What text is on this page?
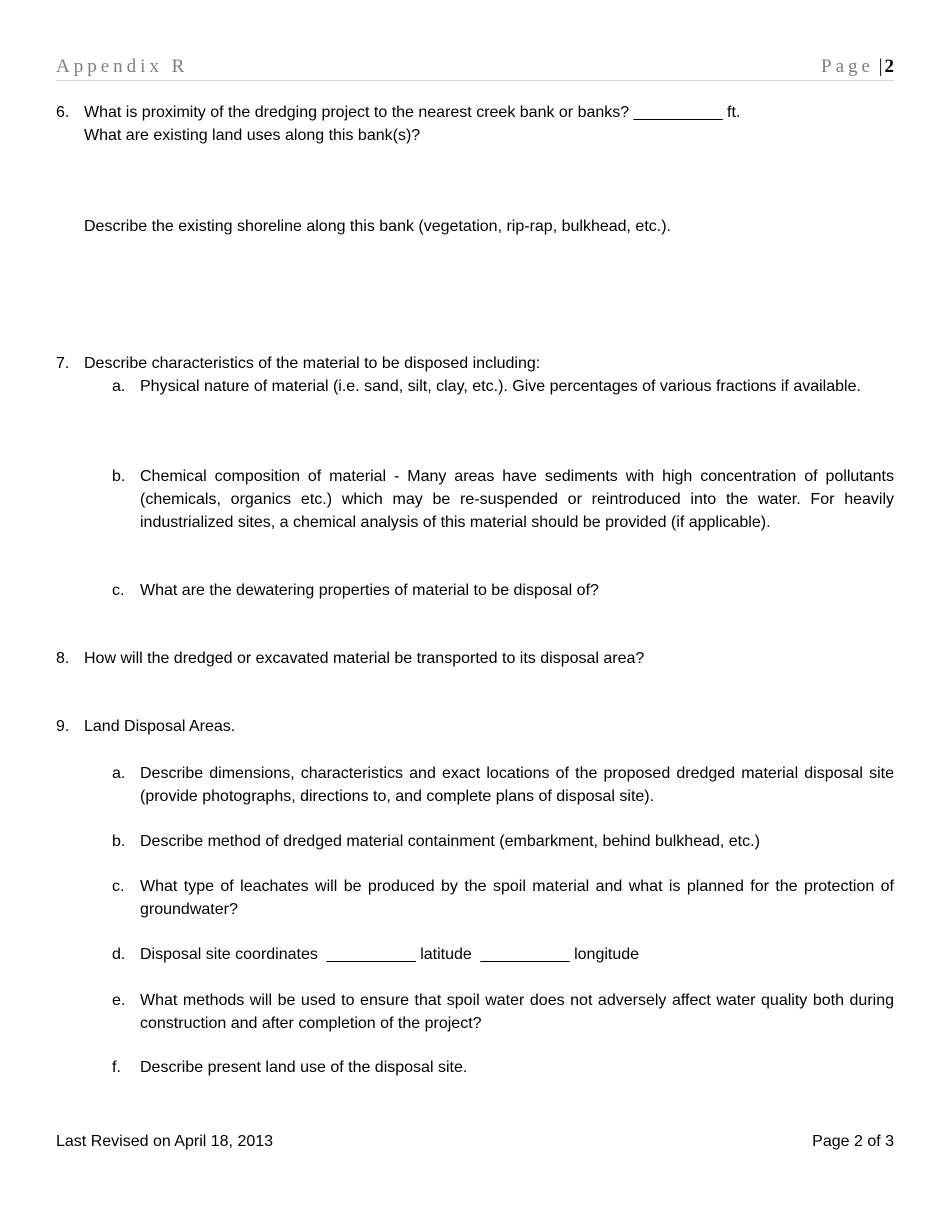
Appendix R	Page | 2
6. What is proximity of the dredging project to the nearest creek bank or banks? __________ ft.
What are existing land uses along this bank(s)?
Describe the existing shoreline along this bank (vegetation, rip-rap, bulkhead, etc.).
7. Describe characteristics of the material to be disposed including:
a. Physical nature of material (i.e. sand, silt, clay, etc.). Give percentages of various fractions if available.
b. Chemical composition of material - Many areas have sediments with high concentration of pollutants (chemicals, organics etc.) which may be re-suspended or reintroduced into the water. For heavily industrialized sites, a chemical analysis of this material should be provided (if applicable).
c. What are the dewatering properties of material to be disposal of?
8. How will the dredged or excavated material be transported to its disposal area?
9. Land Disposal Areas.
a. Describe dimensions, characteristics and exact locations of the proposed dredged material disposal site (provide photographs, directions to, and complete plans of disposal site).
b. Describe method of dredged material containment (embarkment, behind bulkhead, etc.)
c. What type of leachates will be produced by the spoil material and what is planned for the protection of groundwater?
d. Disposal site coordinates  __________ latitude  __________ longitude
e. What methods will be used to ensure that spoil water does not adversely affect water quality both during construction and after completion of the project?
f. Describe present land use of the disposal site.
Last Revised on April 18, 2013	Page 2 of 3
